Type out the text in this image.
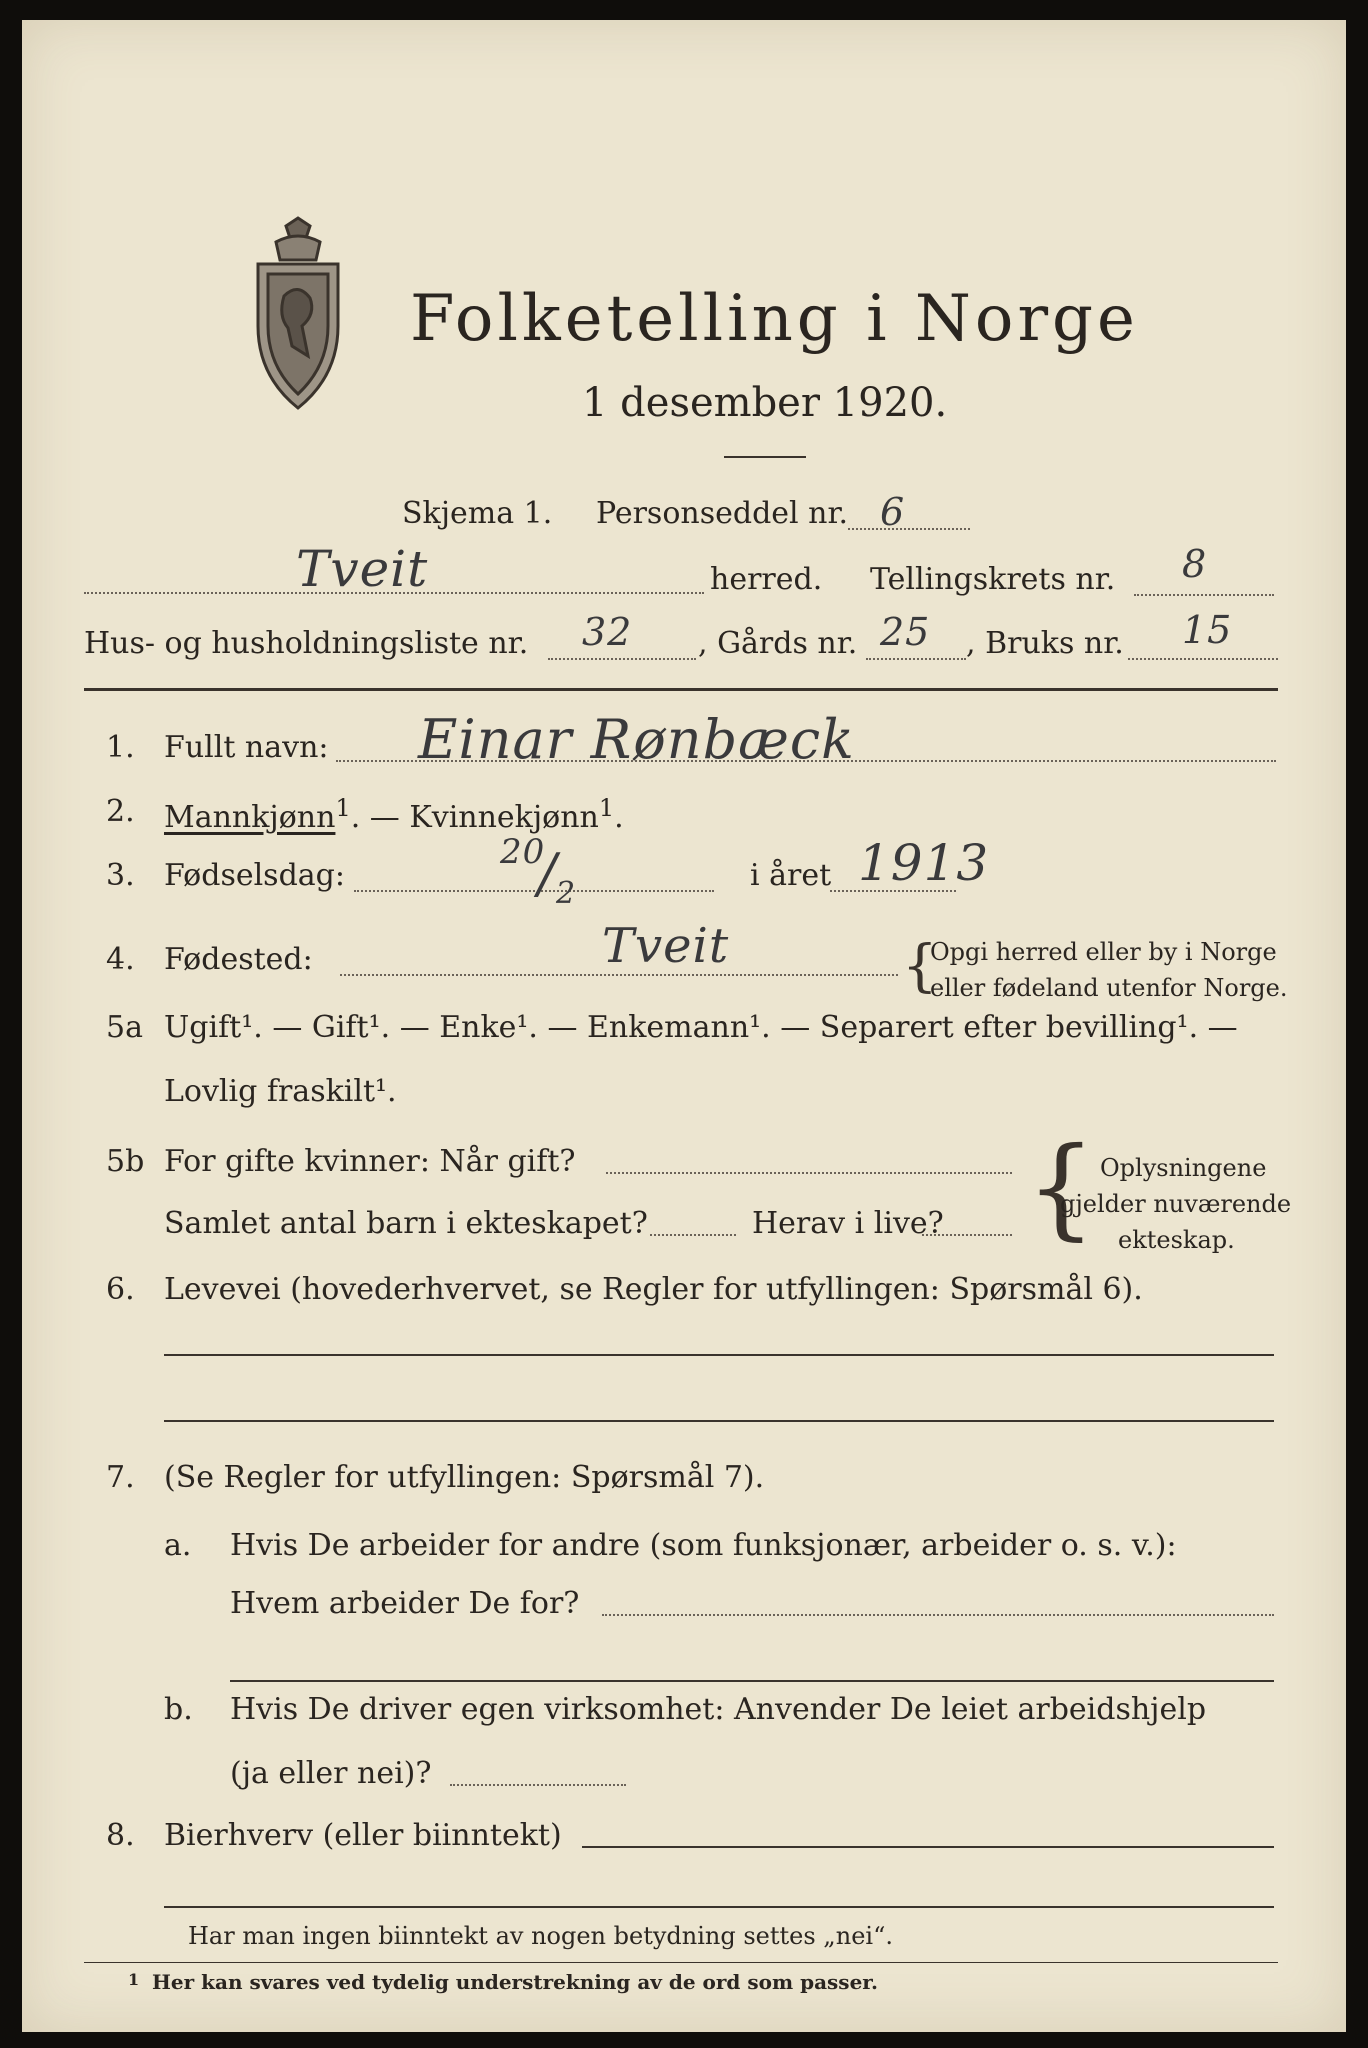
Folketelling i Norge
1 desember 1920.
Skjema 1. Personseddel nr. 6
Tveit	herred. Tellingskrets nr. 8
Hus- og husholdningsliste nr. 32 , Gårds nr. 25 , Bruks nr. 15
1. Fullt navn: Einar Rønbæck
2. Mannkjønn$^1$. — Kvinnekjønn$^1$.
3. Fødselsdag:
20
/ 2
i året 1913
4. Fødested:	Tveit	{
Opgi herred eller by i Norge
eller fødeland utenfor Norge.
5a Ugift¹. — Gift¹. — Enke¹. — Enkemann¹. — Separert efter bevilling¹. —
Lovlig fraskilt¹.
5b For gifte kvinner: Når gift?
Samlet antal barn i ekteskapet?	Herav i live? { Oplysningene
gjelder nuværende
ekteskap.
6. Levevei (hovederhvervet, se Regler for utfyllingen: Spørsmål 6).
7. (Se Regler for utfyllingen: Spørsmål 7).
a. Hvis De arbeider for andre (som funksjonær, arbeider o. s. v.):
Hvem arbeider De for?
b. Hvis De driver egen virksomhet: Anvender De leiet arbeidshjelp
(ja eller nei)?
8. Bierhverv (eller biinntekt)
Har man ingen biinntekt av nogen betydning settes „nei“.
1 Her kan svares ved tydelig understrekning av de ord som passer.
